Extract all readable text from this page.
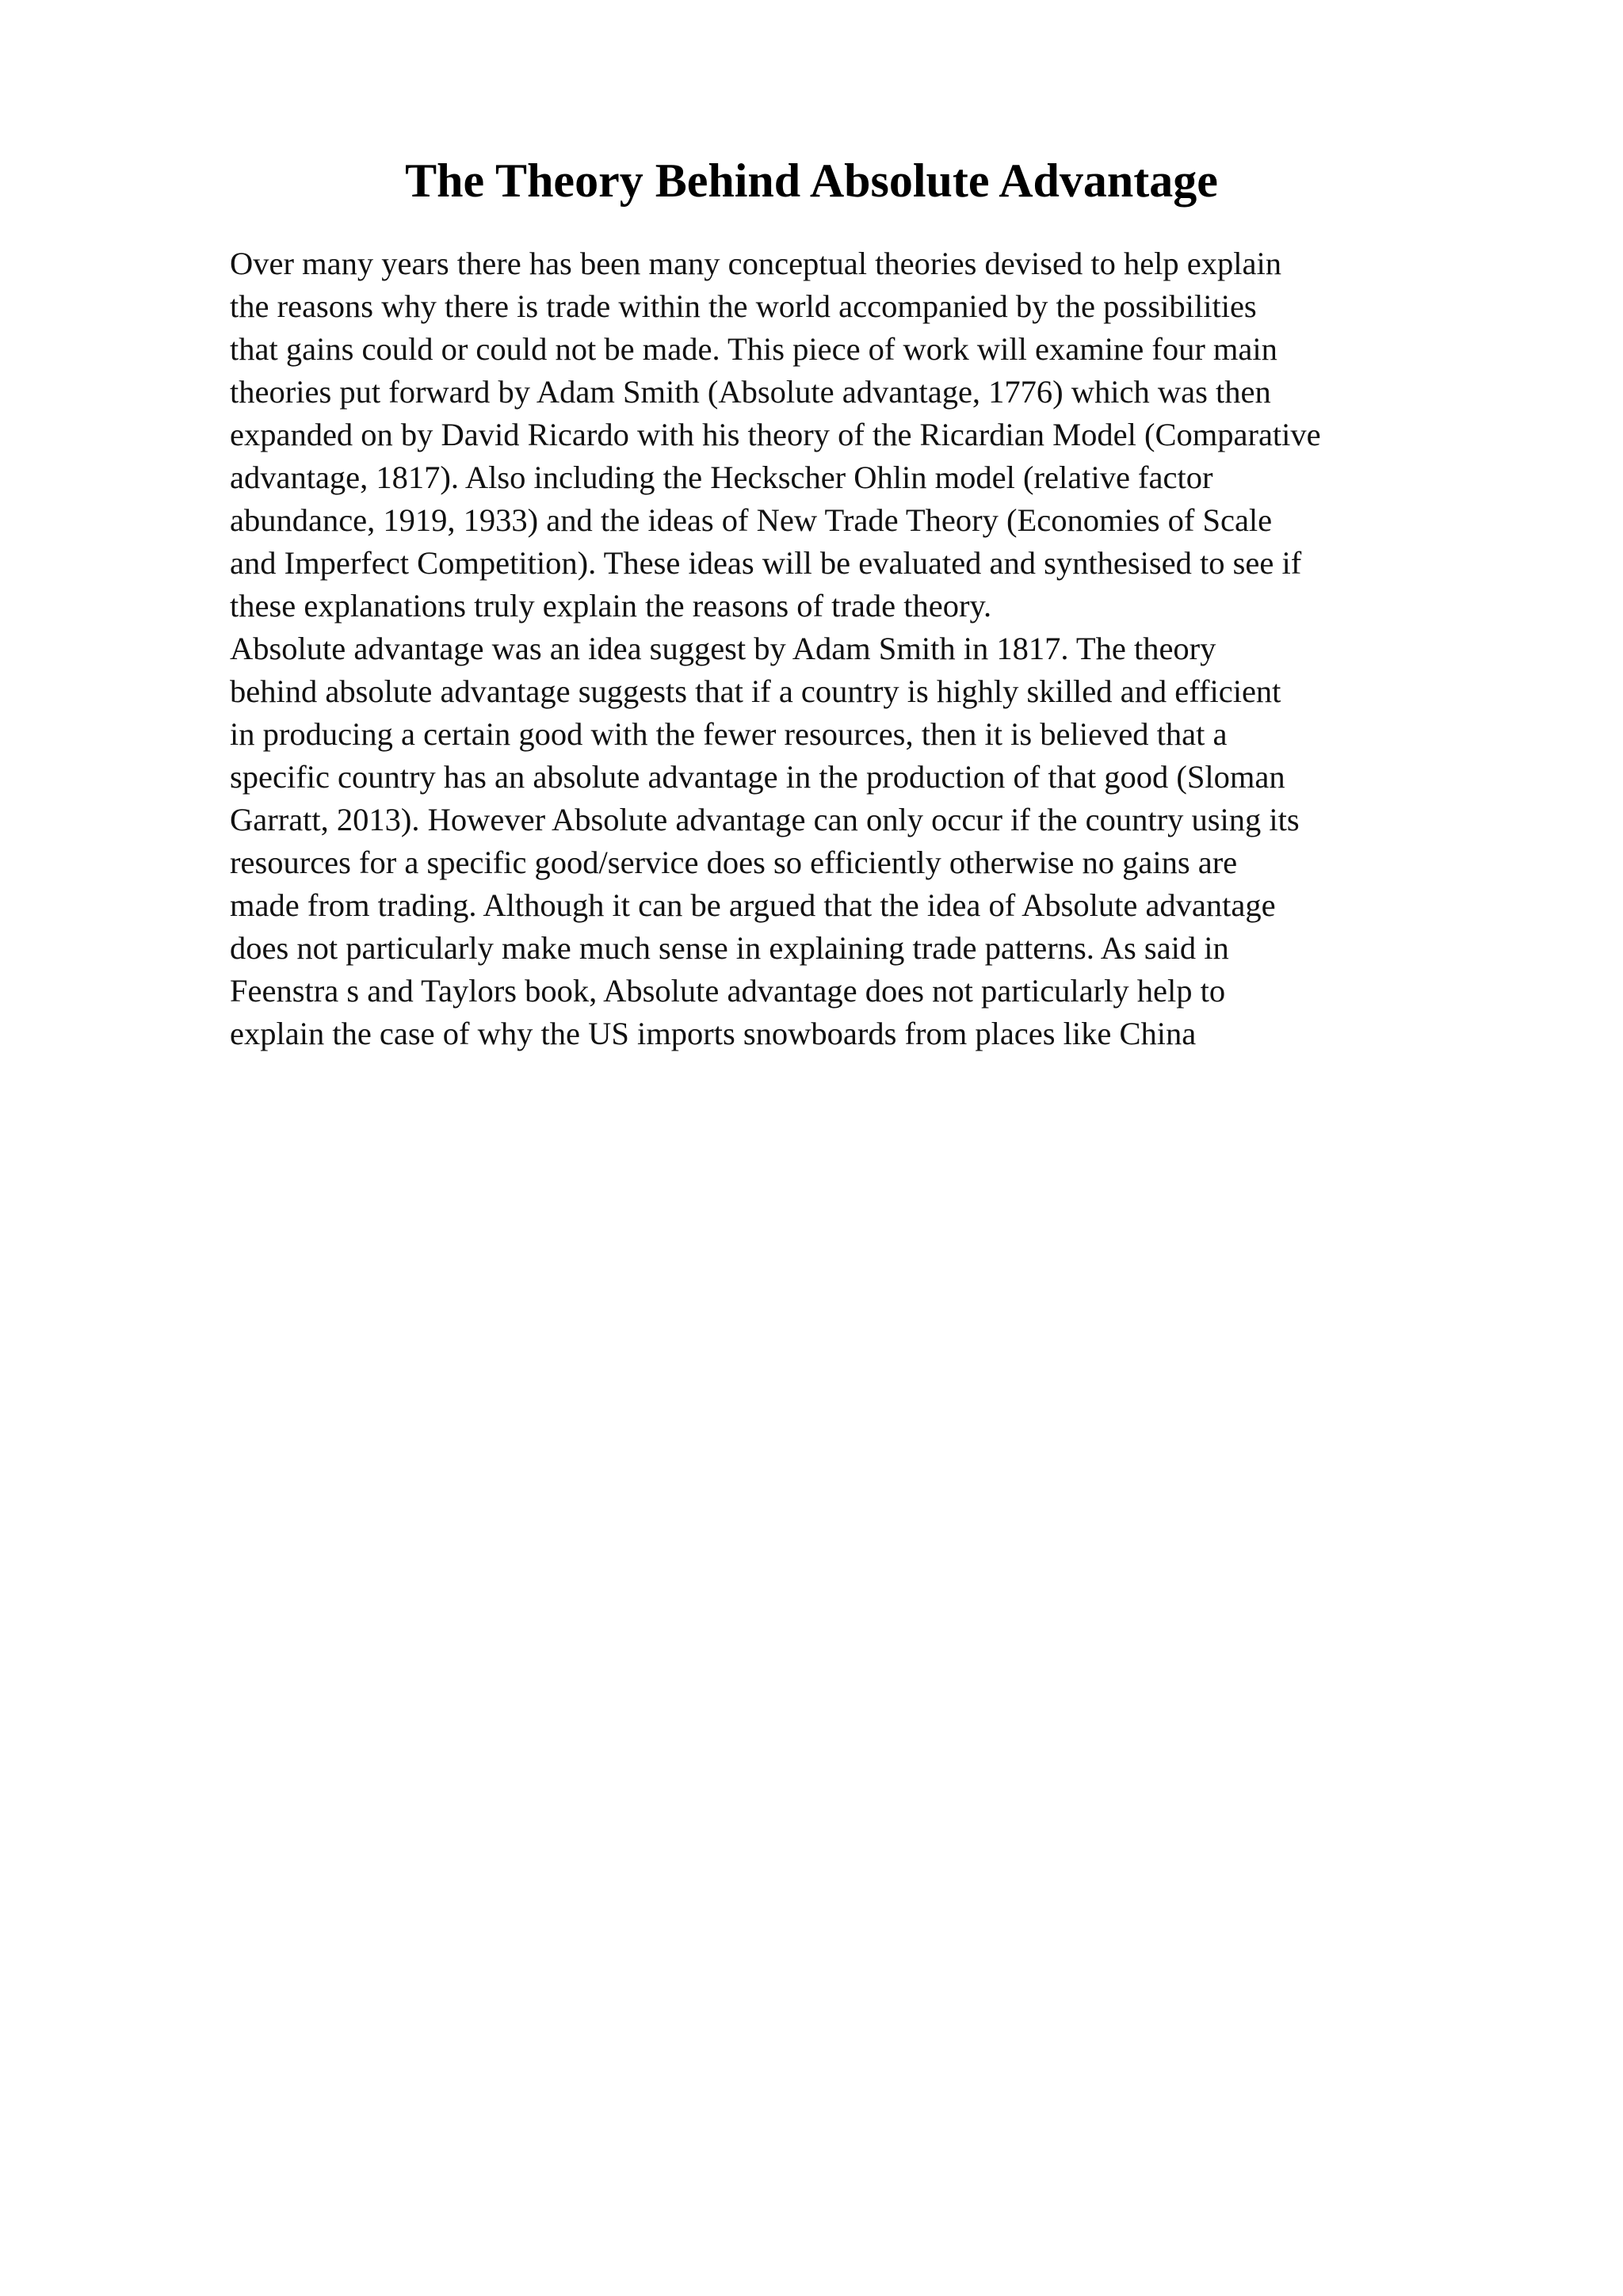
The Theory Behind Absolute Advantage
Over many years there has been many conceptual theories devised to help explain
the reasons why there is trade within the world accompanied by the possibilities
that gains could or could not be made. This piece of work will examine four main
theories put forward by Adam Smith (Absolute advantage, 1776) which was then
expanded on by David Ricardo with his theory of the Ricardian Model (Comparative
advantage, 1817). Also including the Heckscher Ohlin model (relative factor
abundance, 1919, 1933) and the ideas of New Trade Theory (Economies of Scale
and Imperfect Competition). These ideas will be evaluated and synthesised to see if
these explanations truly explain the reasons of trade theory.
Absolute advantage was an idea suggest by Adam Smith in 1817. The theory
behind absolute advantage suggests that if a country is highly skilled and efficient
in producing a certain good with the fewer resources, then it is believed that a
specific country has an absolute advantage in the production of that good (Sloman
Garratt, 2013). However Absolute advantage can only occur if the country using its
resources for a specific good/service does so efficiently otherwise no gains are
made from trading. Although it can be argued that the idea of Absolute advantage
does not particularly make much sense in explaining trade patterns. As said in
Feenstra s and Taylors book, Absolute advantage does not particularly help to
explain the case of why the US imports snowboards from places like China
